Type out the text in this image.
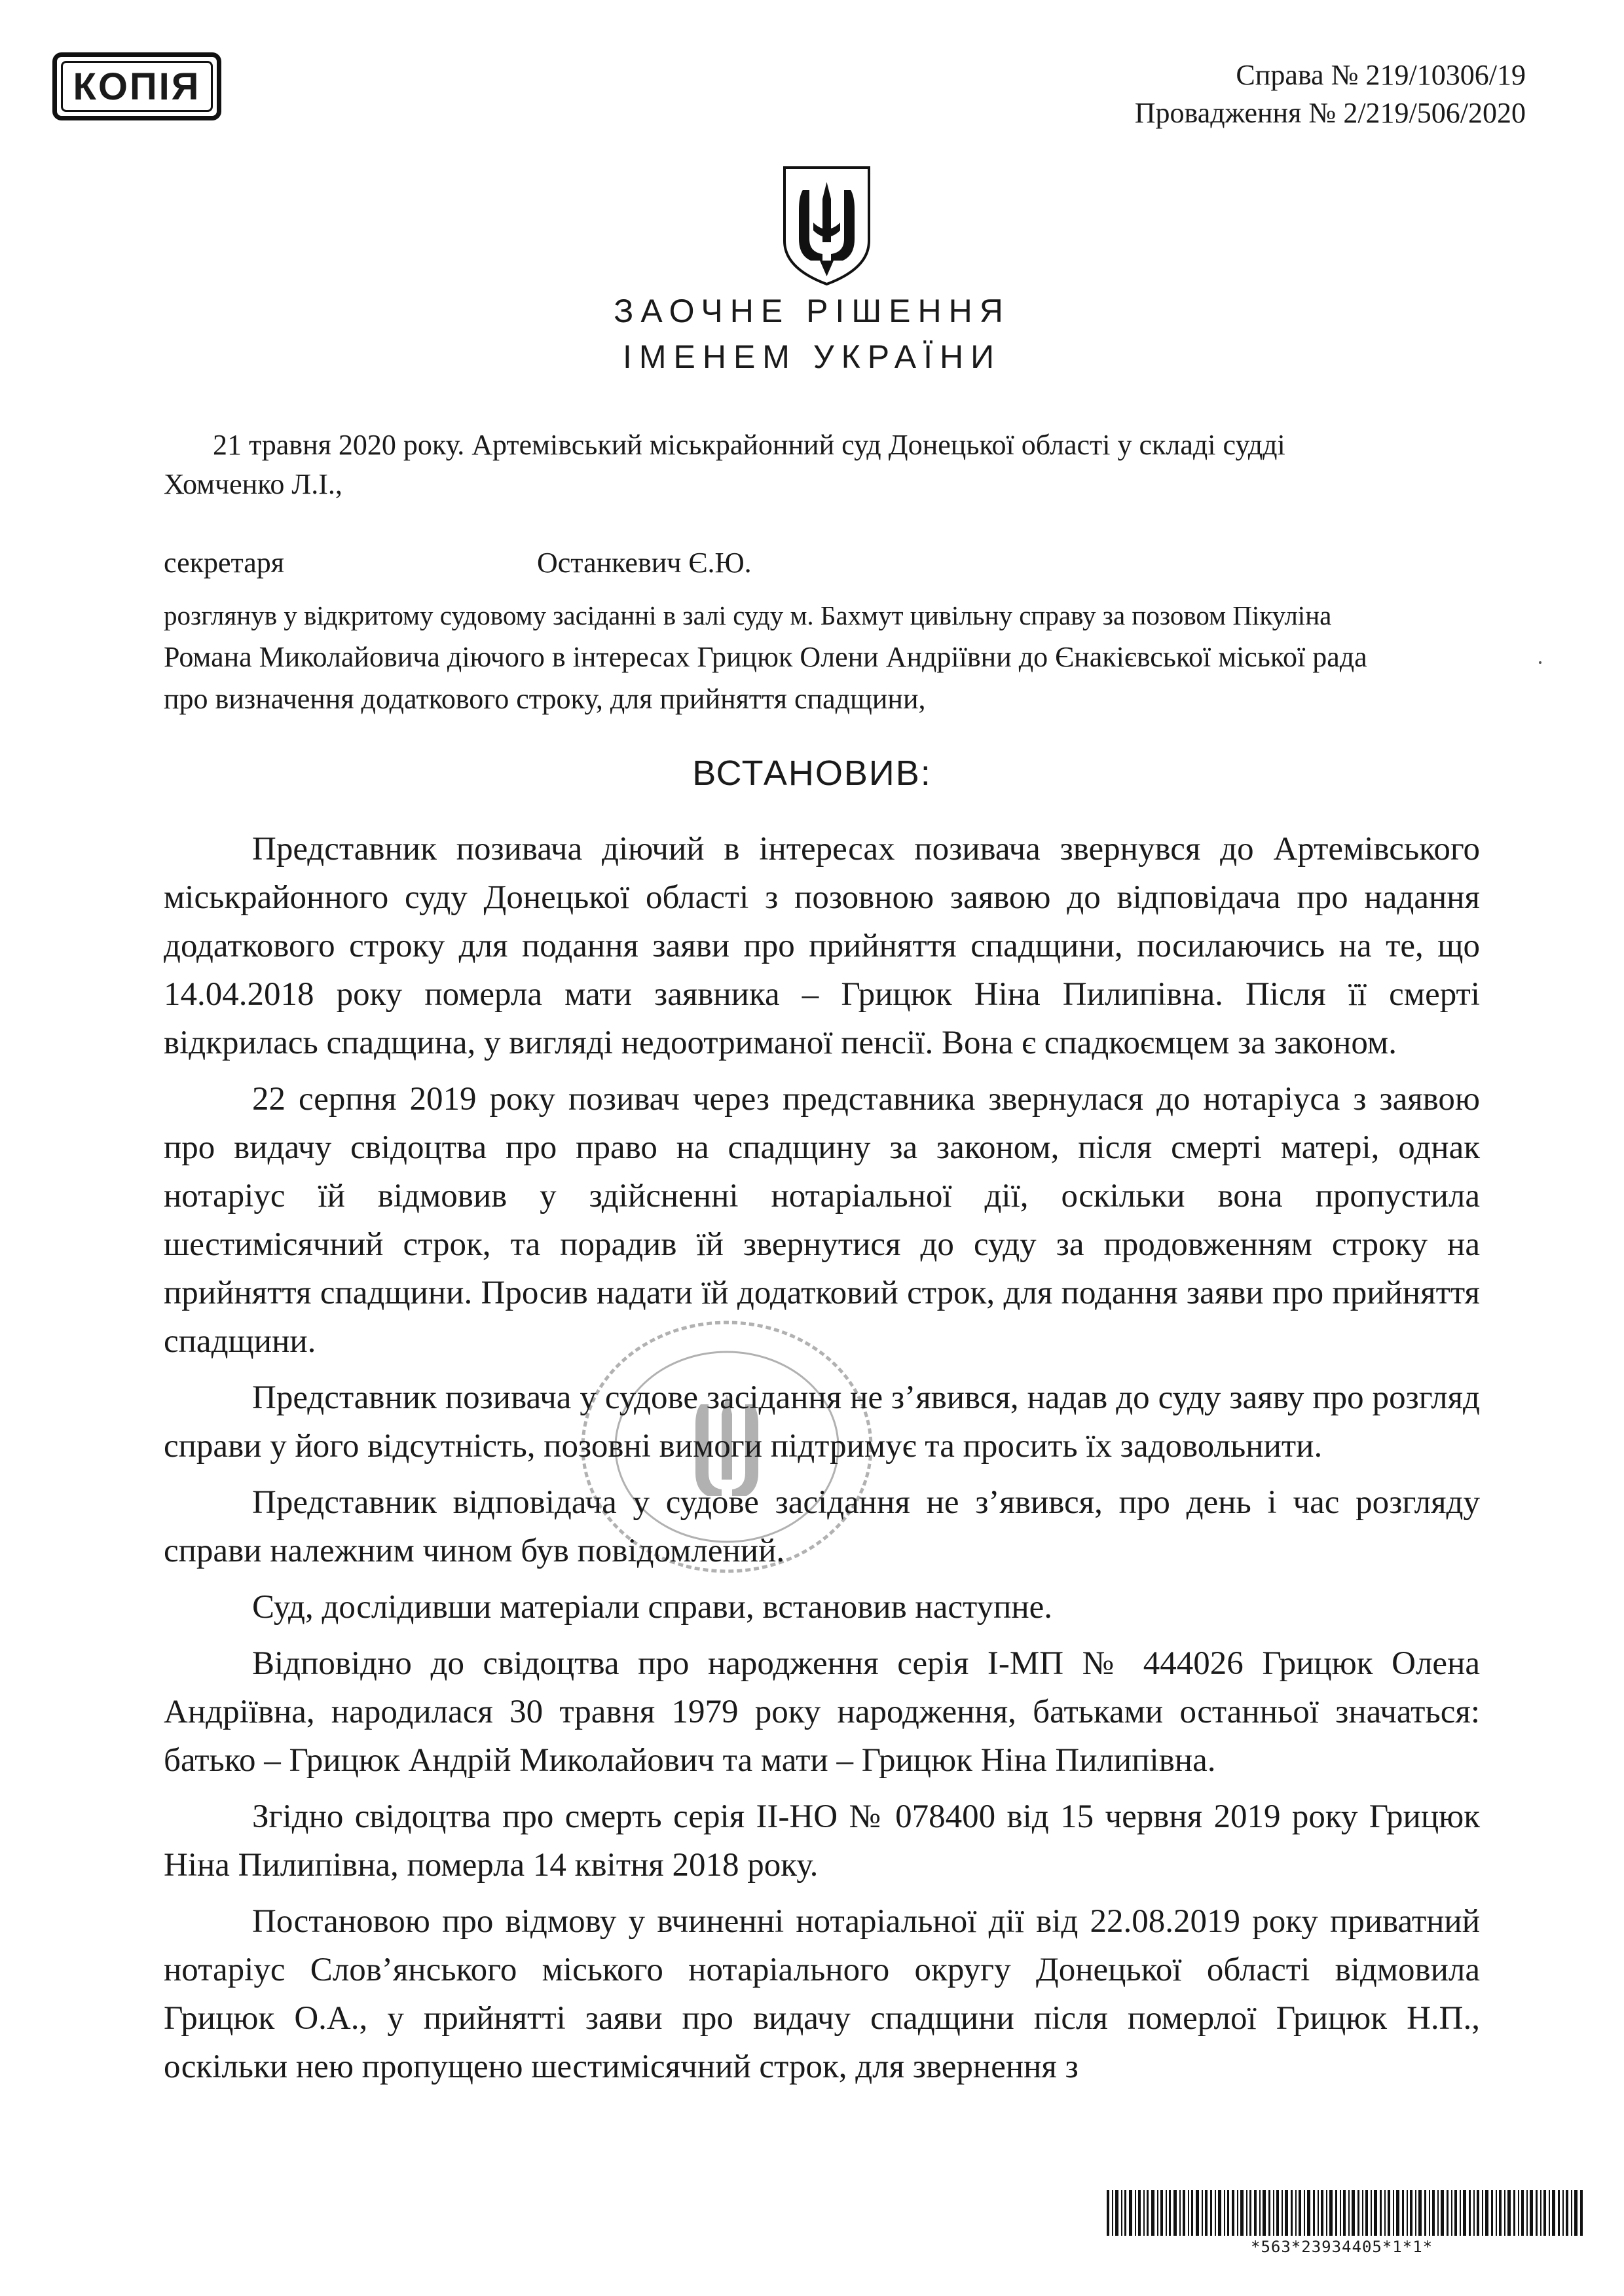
КОПІЯ	Справа № 219/10306/19
Провадження № 2/219/506/2020
ЗАОЧНЕ РІШЕННЯ
ІМЕНЕМ УКРАЇНИ

21 травня 2020 року. Артемівський міськрайонний суд Донецької області у складі судді

Хомченко Л.І.,

секретаря	Останкевич Є.Ю.

розглянув у відкритому судовому засіданні в залі суду м. Бахмут цивільну справу за позовом Пікуліна

Романа Миколайовича діючого в інтересах Грицюк Олени Андріївни до Єнакієвської міської рада

про визначення додаткового строку, для прийняття спадщини,

ВСТАНОВИВ:

Представник позивача діючий в інтересах позивача звернувся до Артемівського міськрайонного суду Донецької області з позовною заявою до відповідача про надання додаткового строку для подання заяви про прийняття спадщини, посилаючись на те, що 14.04.2018 року померла мати заявника – Грицюк Ніна Пилипівна. Після її смерті відкрилась спадщина, у вигляді недоотриманої пенсії. Вона є спадкоємцем за законом.

22 серпня 2019 року позивач через представника звернулася до нотаріуса з заявою про видачу свідоцтва про право на спадщину за законом, після смерті матері, однак нотаріус їй відмовив у здійсненні нотаріальної дії, оскільки вона пропустила шестимісячний строк, та порадив їй звернутися до суду за продовженням строку на прийняття спадщини. Просив надати їй додатковий строк, для подання заяви про прийняття спадщини.

Представник позивача у судове засідання не з’явився, надав до суду заяву про розгляд справи у його відсутність, позовні вимоги підтримує та просить їх задовольнити.

Представник відповідача у судове засідання не з’явився, про день і час розгляду справи належним чином був повідомлений.

Суд, дослідивши матеріали справи, встановив наступне.

Відповідно до свідоцтва про народження серія І-МП № 444026 Грицюк Олена Андріївна, народилася 30 травня 1979 року народження, батьками останньої значаться: батько – Грицюк Андрій Миколайович та мати – Грицюк Ніна Пилипівна.

Згідно свідоцтва про смерть серія ІІ-НО № 078400 від 15 червня 2019 року Грицюк Ніна Пилипівна, померла 14 квітня 2018 року.

Постановою про відмову у вчиненні нотаріальної дії від 22.08.2019 року приватний нотаріус Слов’янського міського нотаріального округу Донецької області відмовила Грицюк О.А., у прийнятті заяви про видачу спадщини після померлої Грицюк Н.П., оскільки нею пропущено шестимісячний строк, для звернення з

*563*23934405*1*1*
